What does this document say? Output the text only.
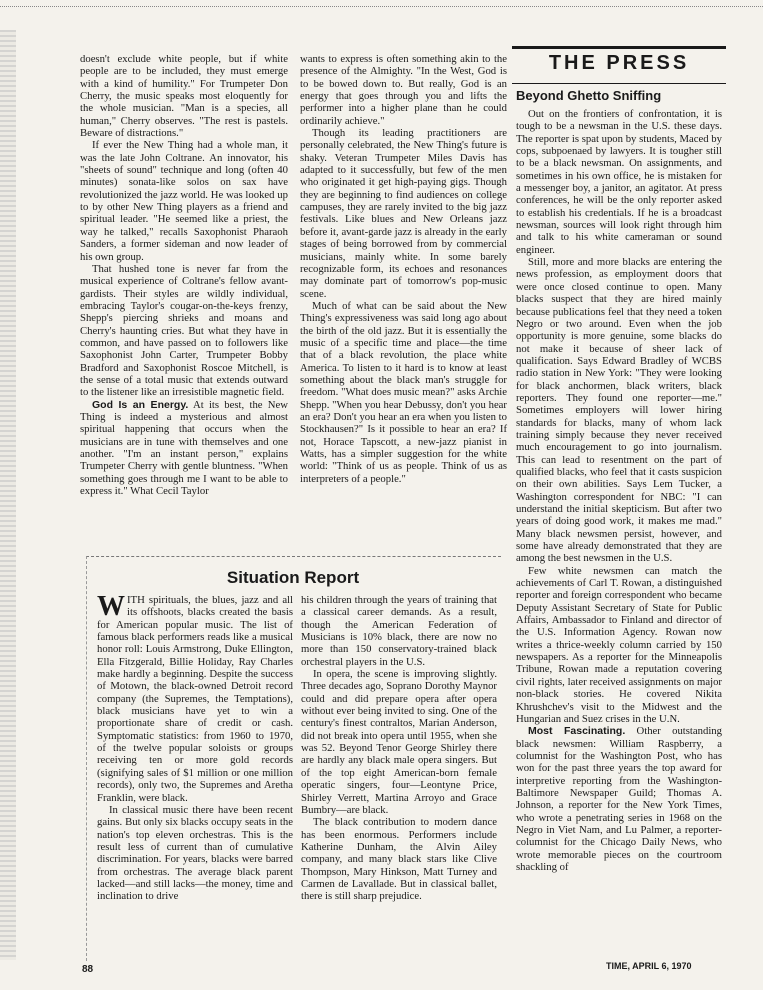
doesn't exclude white people, but if white people are to be included, they must emerge with a kind of humility." For Trumpeter Don Cherry, the music speaks most eloquently for the whole musician. "Man is a species, all human," Cherry observes. "The rest is pastels. Beware of distractions."

If ever the New Thing had a whole man, it was the late John Coltrane. An innovator, his "sheets of sound" technique and long (often 40 minutes) sonata-like solos on sax have revolutionized the jazz world. He was looked up to by other New Thing players as a friend and spiritual leader. "He seemed like a priest, the way he talked," recalls Saxophonist Pharaoh Sanders, a former sideman and now leader of his own group.

That hushed tone is never far from the musical experience of Coltrane's fellow avant-gardists. Their styles are wildly individual, embracing Taylor's cougar-on-the-keys frenzy, Shepp's piercing shrieks and moans and Cherry's haunting cries. But what they have in common, and have passed on to followers like Saxophonist John Carter, Trumpeter Bobby Bradford and Saxophonist Roscoe Mitchell, is the sense of a total music that extends outward to the listener like an irresistible magnetic field.

God Is an Energy. At its best, the New Thing is indeed a mysterious and almost spiritual happening that occurs when the musicians are in tune with themselves and one another. "I'm an instant person," explains Trumpeter Cherry with gentle bluntness. "When something goes through me I want to be able to express it." What Cecil Taylor

wants to express is often something akin to the presence of the Almighty. "In the West, God is to be bowed down to. But really, God is an energy that goes through you and lifts the performer into a higher plane than he could ordinarily achieve."

Though its leading practitioners are personally celebrated, the New Thing's future is shaky. Veteran Trumpeter Miles Davis has adapted to it successfully, but few of the men who originated it get high-paying gigs. Though they are beginning to find audiences on college campuses, they are rarely invited to the big jazz festivals. Like blues and New Orleans jazz before it, avant-garde jazz is already in the early stages of being borrowed from by commercial musicians, mainly white. In some barely recognizable form, its echoes and resonances may dominate part of tomorrow's pop-music scene.

Much of what can be said about the New Thing's expressiveness was said long ago about the birth of the old jazz. But it is essentially the music of a specific time and place—the time that of a black revolution, the place white America. To listen to it hard is to know at least something about the black man's struggle for freedom. "What does music mean?" asks Archie Shepp. "When you hear Debussy, don't you hear an era? Don't you hear an era when you listen to Stockhausen?" Is it possible to hear an era? If not, Horace Tapscott, a new-jazz pianist in Watts, has a simpler suggestion for the white world: "Think of us as people. Think of us as interpreters of a people."

THE PRESS
Beyond Ghetto Sniffing

Out on the frontiers of confrontation, it is tough to be a newsman in the U.S. these days. The reporter is spat upon by students, Maced by cops, subpoenaed by lawyers. It is tougher still to be a black newsman. On assignments, and sometimes in his own office, he is mistaken for a messenger boy, a janitor, an agitator. At press conferences, he will be the only reporter asked to establish his credentials. If he is a broadcast newsman, sources will look right through him and talk to his white cameraman or sound engineer.

Still, more and more blacks are entering the news profession, as employment doors that were once closed continue to open. Many blacks suspect that they are hired mainly because publications feel that they need a token Negro or two around. Even when the job opportunity is more genuine, some blacks do not make it because of sheer lack of qualification. Says Edward Bradley of WCBS radio station in New York: "They were looking for black anchormen, black writers, black reporters. They found one reporter—me." Sometimes employers will lower hiring standards for blacks, many of whom lack training simply because they never received much encouragement to go into journalism. This can lead to resentment on the part of qualified blacks, who feel that it casts suspicion on their own abilities. Says Lem Tucker, a Washington correspondent for NBC: "I can understand the initial skepticism. But after two years of doing good work, it makes me mad." Many black newsmen persist, however, and some have already demonstrated that they are among the best newsmen in the U.S.

Few white newsmen can match the achievements of Carl T. Rowan, a distinguished reporter and foreign correspondent who became Deputy Assistant Secretary of State for Public Affairs, Ambassador to Finland and director of the U.S. Information Agency. Rowan now writes a thrice-weekly column carried by 150 newspapers. As a reporter for the Minneapolis Tribune, Rowan made a reputation covering civil rights, later received assignments on major non-black stories. He covered Nikita Khrushchev's visit to the Midwest and the Hungarian and Suez crises in the U.N.

Most Fascinating. Other outstanding black newsmen: William Raspberry, a columnist for the Washington Post, who has won for the past three years the top award for interpretive reporting from the Washington-Baltimore Newspaper Guild; Thomas A. Johnson, a reporter for the New York Times, who wrote a penetrating series in 1968 on the Negro in Viet Nam, and Lu Palmer, a reporter-columnist for the Chicago Daily News, who wrote memorable pieces on the courtroom shackling of

Situation Report

WITH spirituals, the blues, jazz and all its offshoots, blacks created the basis for American popular music. The list of famous black performers reads like a musical honor roll: Louis Armstrong, Duke Ellington, Ella Fitzgerald, Billie Holiday, Ray Charles make hardly a beginning. Despite the success of Motown, the black-owned Detroit record company (the Supremes, the Temptations), black musicians have yet to win a proportionate share of credit or cash. Symptomatic statistics: from 1960 to 1970, of the twelve popular soloists or groups receiving ten or more gold records (signifying sales of $1 million or one million records), only two, the Supremes and Aretha Franklin, were black.

In classical music there have been recent gains. But only six blacks occupy seats in the nation's top eleven orchestras. This is the result less of current than of cumulative discrimination. For years, blacks were barred from orchestras. The average black parent lacked—and still lacks—the money, time and inclination to drive

his children through the years of training that a classical career demands. As a result, though the American Federation of Musicians is 10% black, there are now no more than 150 conservatory-trained black orchestral players in the U.S.

In opera, the scene is improving slightly. Three decades ago, Soprano Dorothy Maynor could and did prepare opera after opera without ever being invited to sing. One of the century's finest contraltos, Marian Anderson, did not break into opera until 1955, when she was 52. Beyond Tenor George Shirley there are hardly any black male opera singers. But of the top eight American-born female operatic singers, four—Leontyne Price, Shirley Verrett, Martina Arroyo and Grace Bumbry—are black.

The black contribution to modern dance has been enormous. Performers include Katherine Dunham, the Alvin Ailey company, and many black stars like Clive Thompson, Mary Hinkson, Matt Turney and Carmen de Lavallade. But in classical ballet, there is still sharp prejudice.

88	TIME, APRIL 6, 1970
